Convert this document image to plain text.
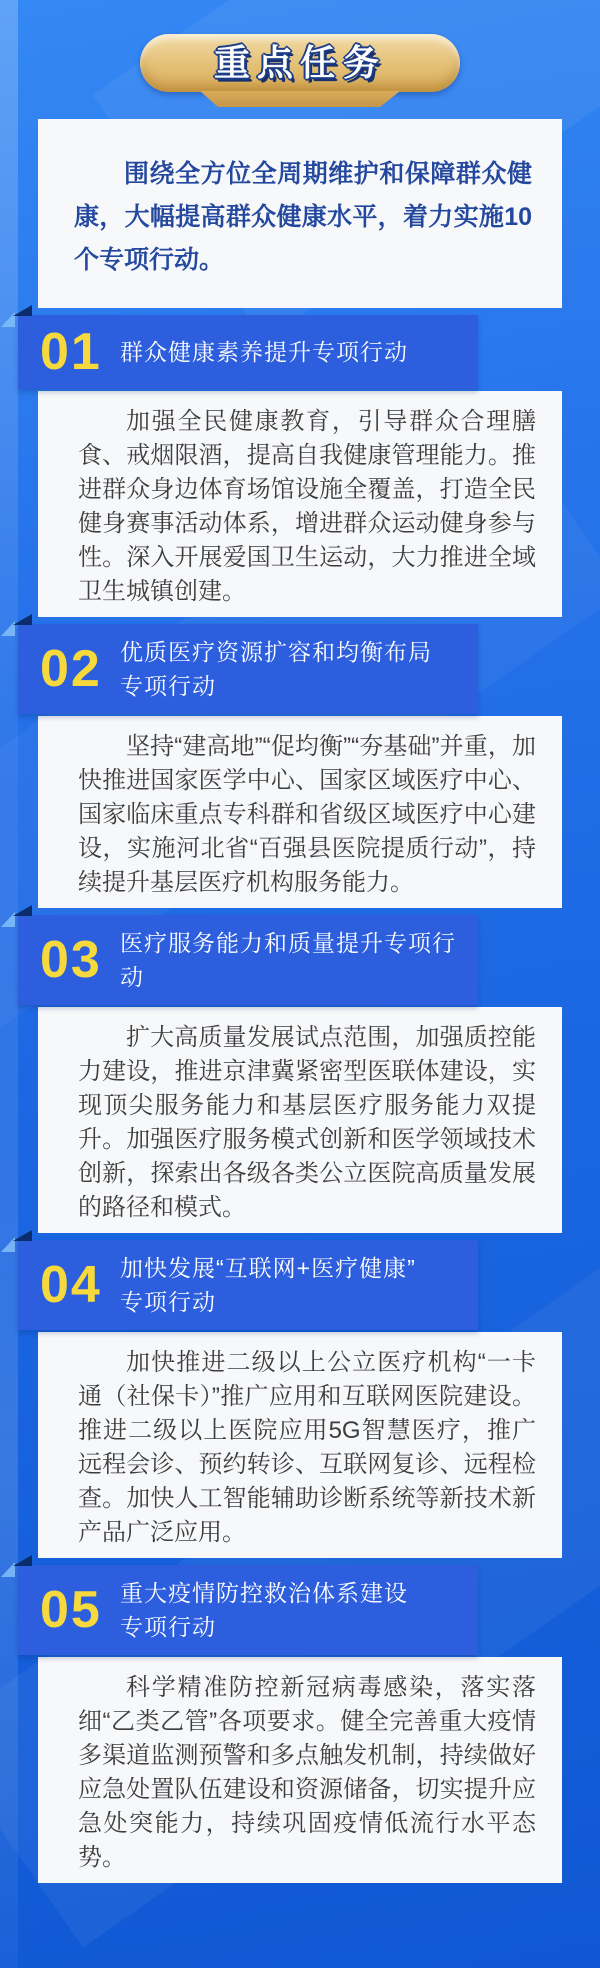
重点任务

围绕全方位全周期维护和保障群众健康，大幅提高群众健康水平，着力实施10个专项行动。

01 群众健康素养提升专项行动

加强全民健康教育，引导群众合理膳食、戒烟限酒，提高自我健康管理能力。推进群众身边体育场馆设施全覆盖，打造全民健身赛事活动体系，增进群众运动健身参与性。深入开展爱国卫生运动，大力推进全域卫生城镇创建。

02 优质医疗资源扩容和均衡布局
专项行动

坚持“建高地”“促均衡”“夯基础”并重，加快推进国家医学中心、国家区域医疗中心、国家临床重点专科群和省级区域医疗中心建设，实施河北省“百强县医院提质行动”，持续提升基层医疗机构服务能力。

03 医疗服务能力和质量提升专项行动

扩大高质量发展试点范围，加强质控能力建设，推进京津冀紧密型医联体建设，实现顶尖服务能力和基层医疗服务能力双提升。加强医疗服务模式创新和医学领域技术创新，探索出各级各类公立医院高质量发展的路径和模式。

04 加快发展“互联网+医疗健康”
专项行动

加快推进二级以上公立医疗机构“一卡通（社保卡）”推广应用和互联网医院建设。推进二级以上医院应用5G智慧医疗，推广远程会诊、预约转诊、互联网复诊、远程检查。加快人工智能辅助诊断系统等新技术新产品广泛应用。

05 重大疫情防控救治体系建设
专项行动

科学精准防控新冠病毒感染，落实落细“乙类乙管”各项要求。健全完善重大疫情多渠道监测预警和多点触发机制，持续做好应急处置队伍建设和资源储备，切实提升应急处突能力，持续巩固疫情低流行水平态势。
